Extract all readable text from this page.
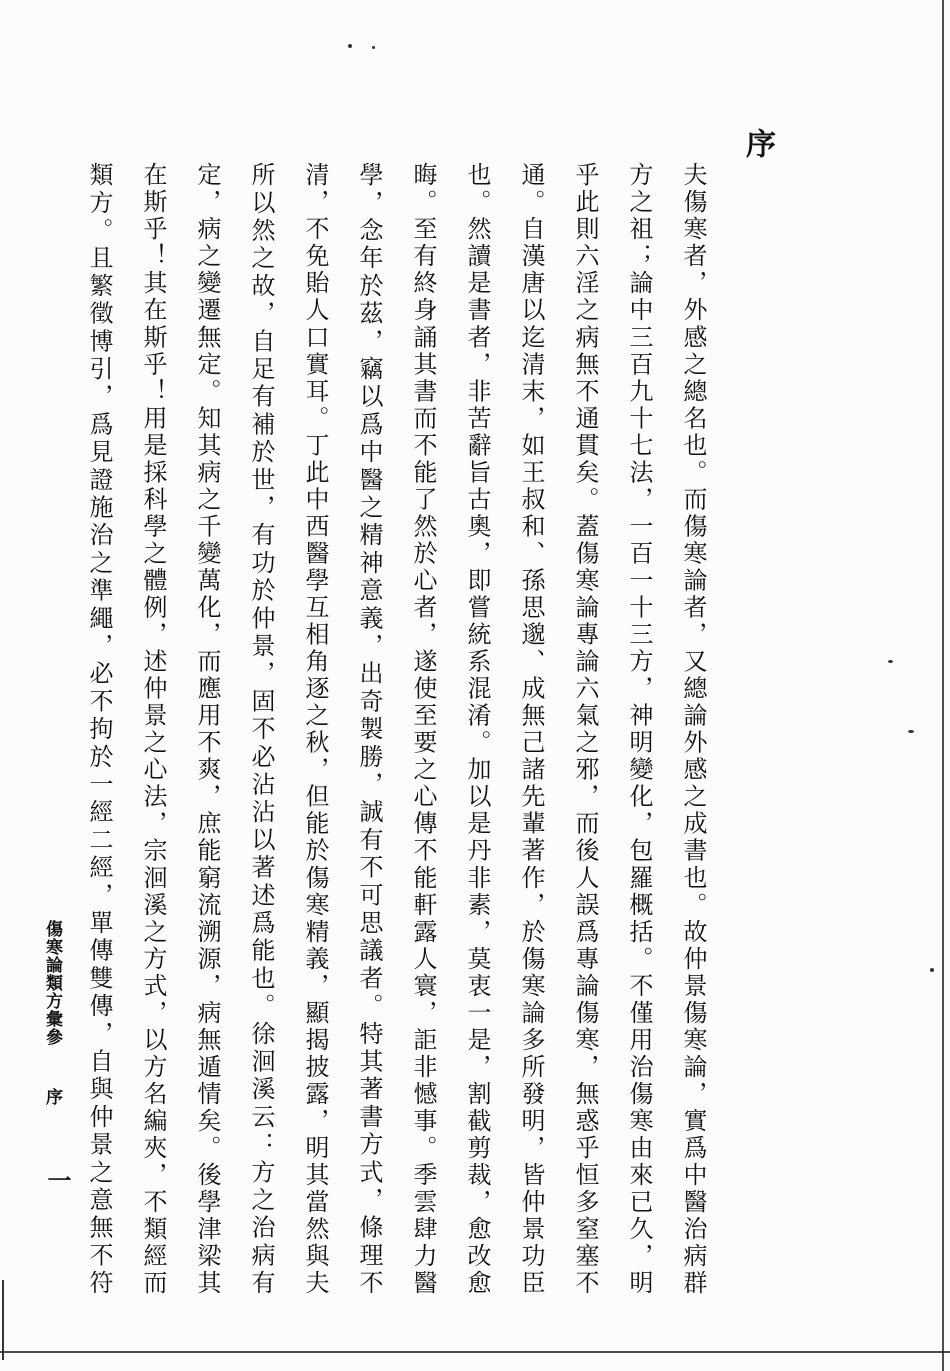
序

夫傷寒者，外感之總名也。而傷寒論者，又總論外感之成書也。故仲景傷寒論，實爲中醫治病群方之祖；論中三百九十七法，一百一十三方，神明變化，包羅概括。不僅用治傷寒由來已久，明乎此則六淫之病無不通貫矣。蓋傷寒論專論六氣之邪，而後人誤爲專論傷寒，無惑乎恒多窒塞不通。自漢唐以迄清末，如王叔和、孫思邈、成無己諸先輩著作，於傷寒論多所發明，皆仲景功臣也。然讀是書者，非苦辭旨古奧，即嘗統系混淆。加以是丹非素，莫衷一是，割截剪裁，愈改愈晦。至有終身誦其書而不能了然於心者，遂使至要之心傳不能軒露人寰，詎非憾事。季雲肆力醫學，念年於茲，竊以爲中醫之精神意義，出奇製勝，誠有不可思議者。特其著書方式，條理不清，不免貽人口實耳。丁此中西醫學互相角逐之秋，但能於傷寒精義，顯揭披露，明其當然與夫所以然之故，自足有補於世，有功於仲景，固不必沾沾以著述爲能也。徐洄溪云：方之治病有定，病之變遷無定。知其病之千變萬化，而應用不爽，庶能窮流溯源，病無遁情矣。後學津梁其在斯乎！其在斯乎！用是採科學之體例，述仲景之心法，宗洄溪之方式，以方名編夾，不類經而類方。且繁徵博引，爲見證施治之準繩，必不拘於一經二經，單傳雙傳，自與仲景之意無不符

傷寒論類方彙參
序
一
